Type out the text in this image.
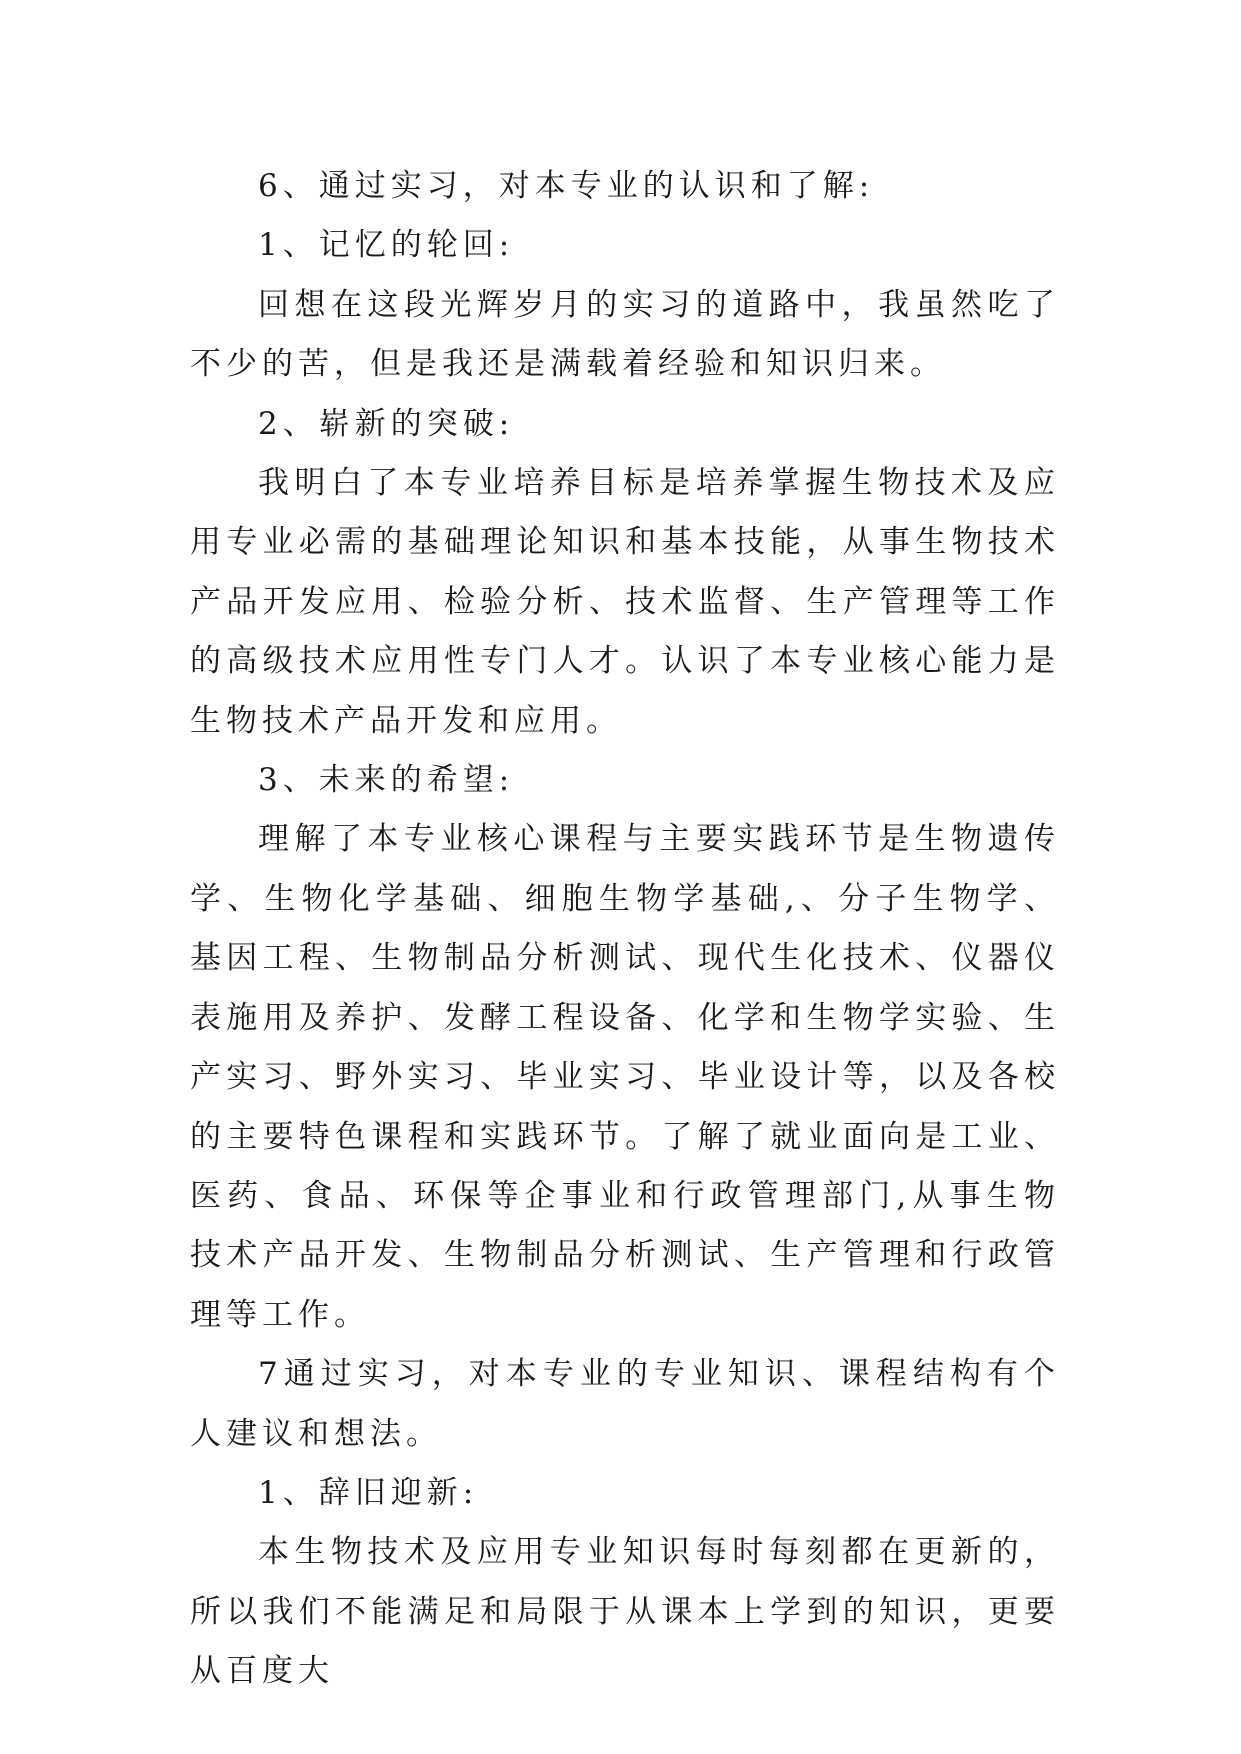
6、通过实习，对本专业的认识和了解:

1、记忆的轮回:

回想在这段光辉岁月的实习的道路中，我虽然吃了不少的苦，但是我还是满载着经验和知识归来。

2、崭新的突破:

我明白了本专业培养目标是培养掌握生物技术及应用专业必需的基础理论知识和基本技能，从事生物技术产品开发应用、检验分析、技术监督、生产管理等工作的高级技术应用性专门人才。认识了本专业核心能力是生物技术产品开发和应用。

3、未来的希望:

理解了本专业核心课程与主要实践环节是生物遗传学、生物化学基础、细胞生物学基础,、分子生物学、基因工程、生物制品分析测试、现代生化技术、仪器仪表施用及养护、发酵工程设备、化学和生物学实验、生产实习、野外实习、毕业实习、毕业设计等，以及各校的主要特色课程和实践环节。了解了就业面向是工业、医药、食品、环保等企事业和行政管理部门,从事生物技术产品开发、生物制品分析测试、生产管理和行政管理等工作。

7通过实习，对本专业的专业知识、课程结构有个人建议和想法。

1、辞旧迎新:

本生物技术及应用专业知识每时每刻都在更新的，所以我们不能满足和局限于从课本上学到的知识，更要从百度大
